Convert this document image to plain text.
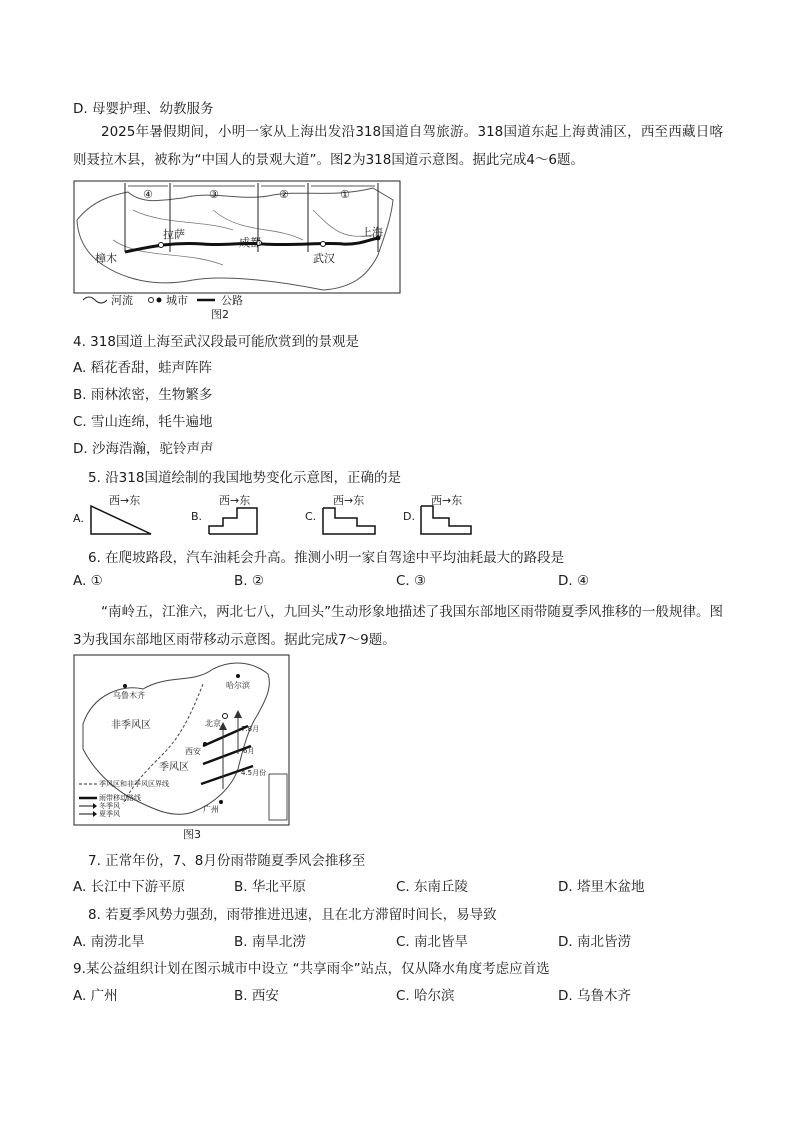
D. 母婴护理、幼教服务
2025年暑假期间，小明一家从上海出发沿318国道自驾旅游。318国道东起上海黄浦区，西至西藏日喀则聂拉木县，被称为“中国人的景观大道”。图2为318国道示意图。据此完成4～6题。
④	③	②	①
拉萨
成都
武汉
上海
樟木
河流	城市	公路
图2
4. 318国道上海至武汉段最可能欣赏到的景观是
A. 稻花香甜，蛙声阵阵
B. 雨林浓密，生物繁多
C. 雪山连绵，牦牛遍地
D. 沙海浩瀚，驼铃声声
5. 沿318国道绘制的我国地势变化示意图，正确的是
A.
西→东
B.
西→东
C.
西→东
D.
西→东
6. 在爬坡路段，汽车油耗会升高。推测小明一家自驾途中平均油耗最大的路段是
A. ①	B. ②	C. ③	D. ④
“南岭五，江淮六，两北七八，九回头”生动形象地描述了我国东部地区雨带随夏季风推移的一般规律。图3为我国东部地区雨带移动示意图。据此完成7～9题。
非季风区
季风区
乌鲁木齐
哈尔滨
北京
西安
广州
7.8月
6月
4.5月份
季风区和非季风区界线
雨带移动路线
冬季风
夏季风
图3
7. 正常年份，7、8月份雨带随夏季风会推移至
A. 长江中下游平原	B. 华北平原	C. 东南丘陵	D. 塔里木盆地
8. 若夏季风势力强劲，雨带推进迅速，且在北方滞留时间长，易导致
A. 南涝北旱	B. 南旱北涝	C. 南北皆旱	D. 南北皆涝
9.某公益组织计划在图示城市中设立 “共享雨伞”站点，仅从降水角度考虑应首选
A. 广州	B. 西安	C. 哈尔滨	D. 乌鲁木齐
